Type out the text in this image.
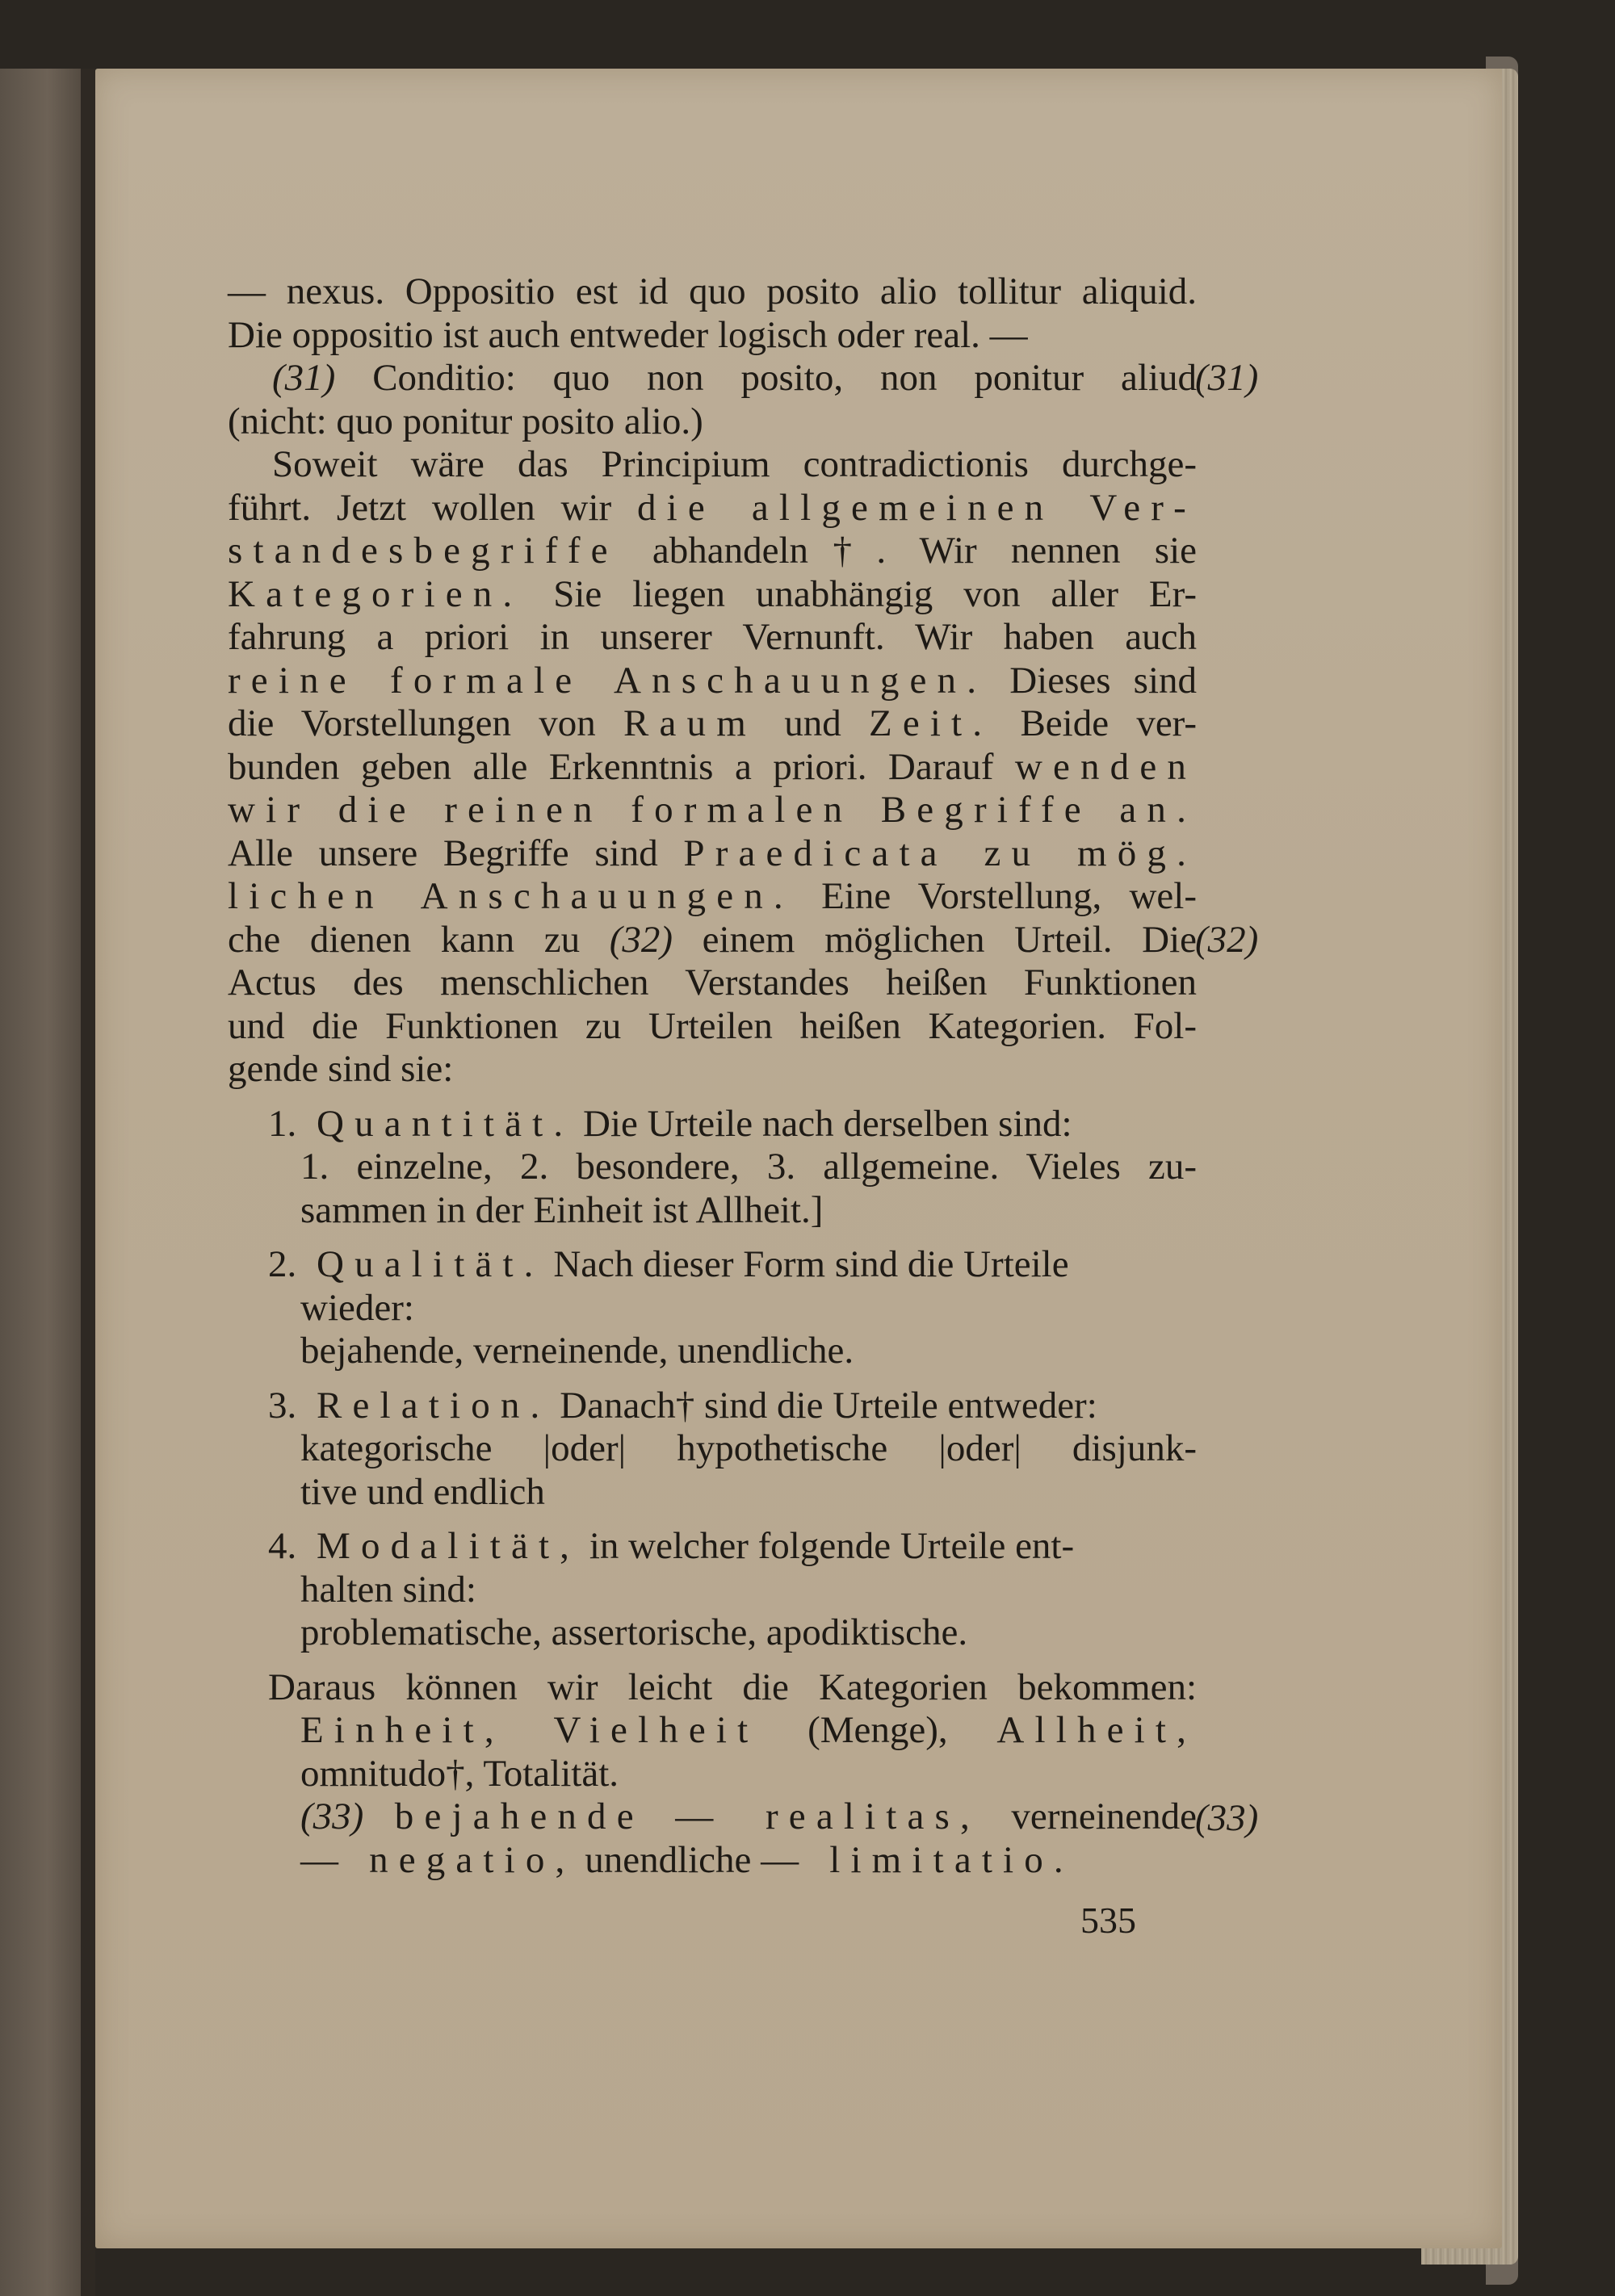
— nexus. Oppositio est id quo posito alio tollitur aliquid.
Die oppositio ist auch entweder logisch oder real. —
(31) Conditio: quo non posito, non ponitur aliud
(nicht: quo ponitur posito alio.)
Soweit wäre das Principium contradictionis durchge-
führt. Jetzt wollen wir die allgemeinen Ver-
standesbegriffe abhandeln†. Wir nennen sie
Kategorien. Sie liegen unabhängig von aller Er-
fahrung a priori in unserer Vernunft. Wir haben auch
reine formale Anschauungen. Dieses sind
die Vorstellungen von Raum und Zeit. Beide ver-
bunden geben alle Erkenntnis a priori. Darauf wenden
wir die reinen formalen Begriffe an.
Alle unsere Begriffe sind Praedicata zu mög.
lichen Anschauungen. Eine Vorstellung, wel-
che dienen kann zu (32) einem möglichen Urteil. Die
Actus des menschlichen Verstandes heißen Funktionen
und die Funktionen zu Urteilen heißen Kategorien. Fol-
gende sind sie:
1. Quantität. Die Urteile nach derselben sind:
1. einzelne, 2. besondere, 3. allgemeine. Vieles zu-
sammen in der Einheit ist Allheit.]
2. Qualität. Nach dieser Form sind die Urteile
wieder:
bejahende, verneinende, unendliche.
3. Relation. Danach† sind die Urteile entweder:
kategorische |oder| hypothetische |oder| disjunk-
tive und endlich
4. Modalität, in welcher folgende Urteile ent-
halten sind:
problematische, assertorische, apodiktische.
Daraus können wir leicht die Kategorien bekommen:
Einheit, Vielheit (Menge), Allheit,
omnitudo†, Totalität.
(33) bejahende — realitas, verneinende
— negatio, unendliche — limitatio.
(31)
(32)
(33)
535
